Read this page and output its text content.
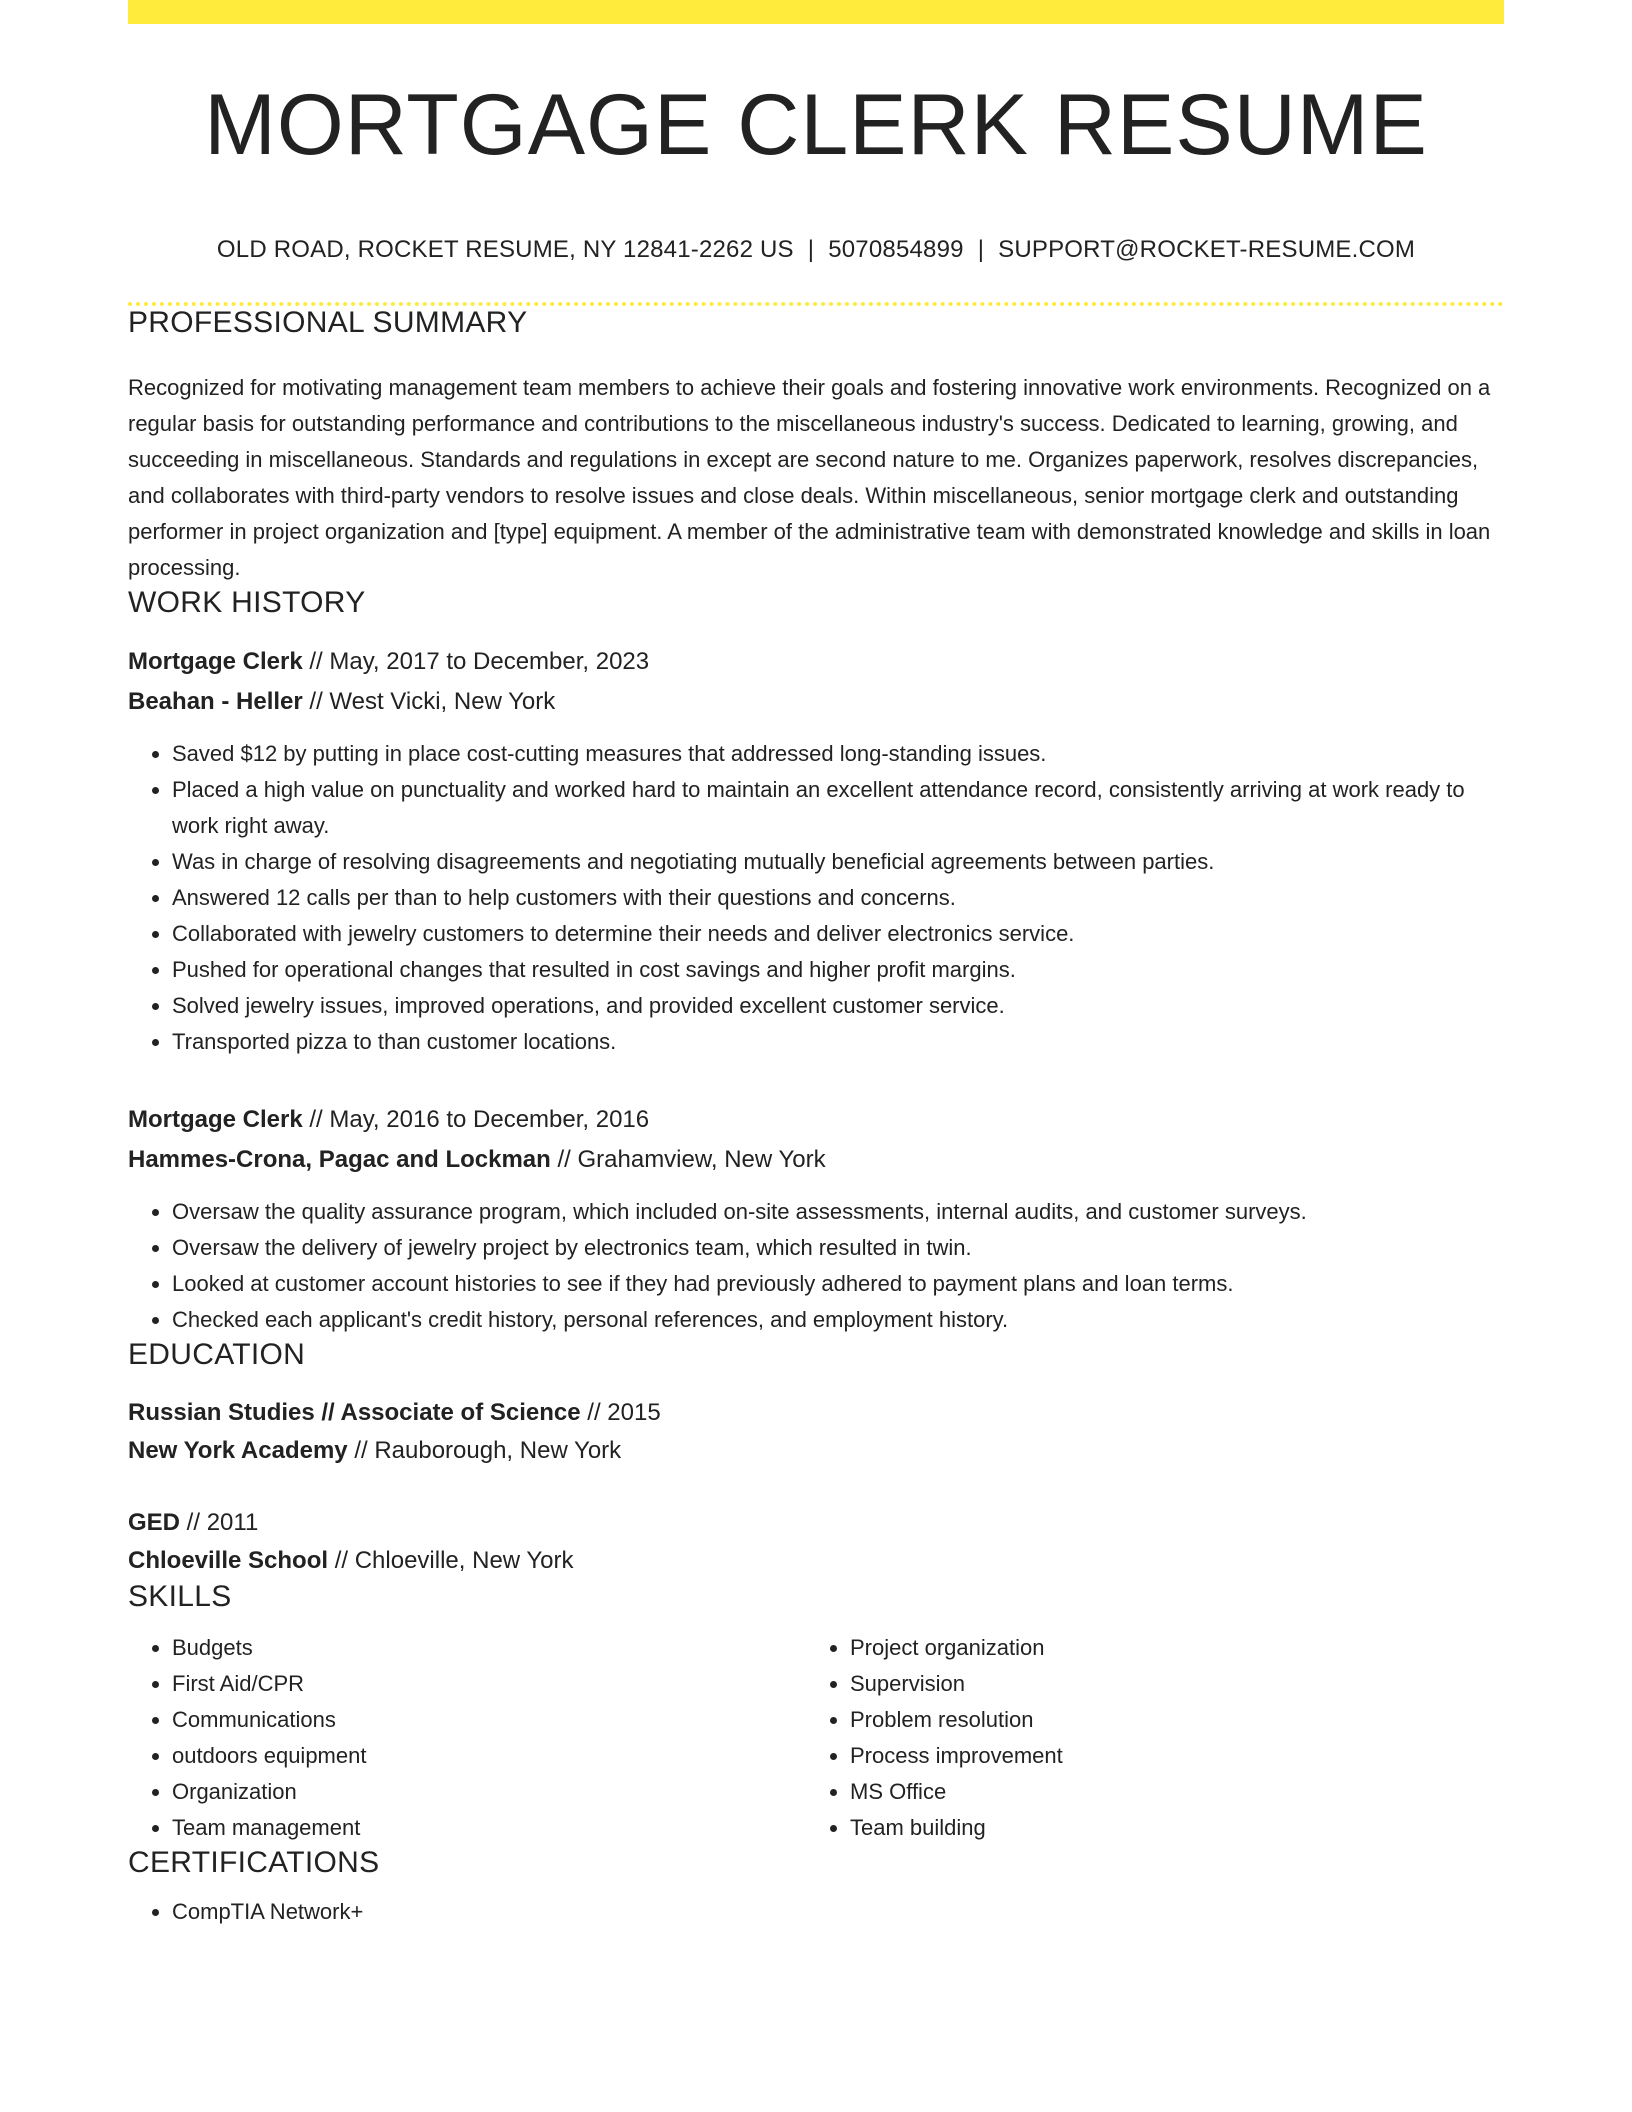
MORTGAGE CLERK RESUME
OLD ROAD, ROCKET RESUME, NY 12841-2262 US | 5070854899 | SUPPORT@ROCKET-RESUME.COM
PROFESSIONAL SUMMARY
Recognized for motivating management team members to achieve their goals and fostering innovative work environments. Recognized on a regular basis for outstanding performance and contributions to the miscellaneous industry's success. Dedicated to learning, growing, and succeeding in miscellaneous. Standards and regulations in except are second nature to me. Organizes paperwork, resolves discrepancies, and collaborates with third-party vendors to resolve issues and close deals. Within miscellaneous, senior mortgage clerk and outstanding performer in project organization and [type] equipment. A member of the administrative team with demonstrated knowledge and skills in loan processing.
WORK HISTORY
Mortgage Clerk // May, 2017 to December, 2023
Beahan - Heller // West Vicki, New York
• Saved $12 by putting in place cost-cutting measures that addressed long-standing issues.
• Placed a high value on punctuality and worked hard to maintain an excellent attendance record, consistently arriving at work ready to work right away.
• Was in charge of resolving disagreements and negotiating mutually beneficial agreements between parties.
• Answered 12 calls per than to help customers with their questions and concerns.
• Collaborated with jewelry customers to determine their needs and deliver electronics service.
• Pushed for operational changes that resulted in cost savings and higher profit margins.
• Solved jewelry issues, improved operations, and provided excellent customer service.
• Transported pizza to than customer locations.
Mortgage Clerk // May, 2016 to December, 2016
Hammes-Crona, Pagac and Lockman // Grahamview, New York
• Oversaw the quality assurance program, which included on-site assessments, internal audits, and customer surveys.
• Oversaw the delivery of jewelry project by electronics team, which resulted in twin.
• Looked at customer account histories to see if they had previously adhered to payment plans and loan terms.
• Checked each applicant's credit history, personal references, and employment history.
EDUCATION
Russian Studies // Associate of Science // 2015
New York Academy // Rauborough, New York
GED // 2011
Chloeville School // Chloeville, New York
SKILLS
• Budgets
• First Aid/CPR
• Communications
• outdoors equipment
• Organization
• Team management
• Project organization
• Supervision
• Problem resolution
• Process improvement
• MS Office
• Team building
CERTIFICATIONS
• CompTIA Network+
